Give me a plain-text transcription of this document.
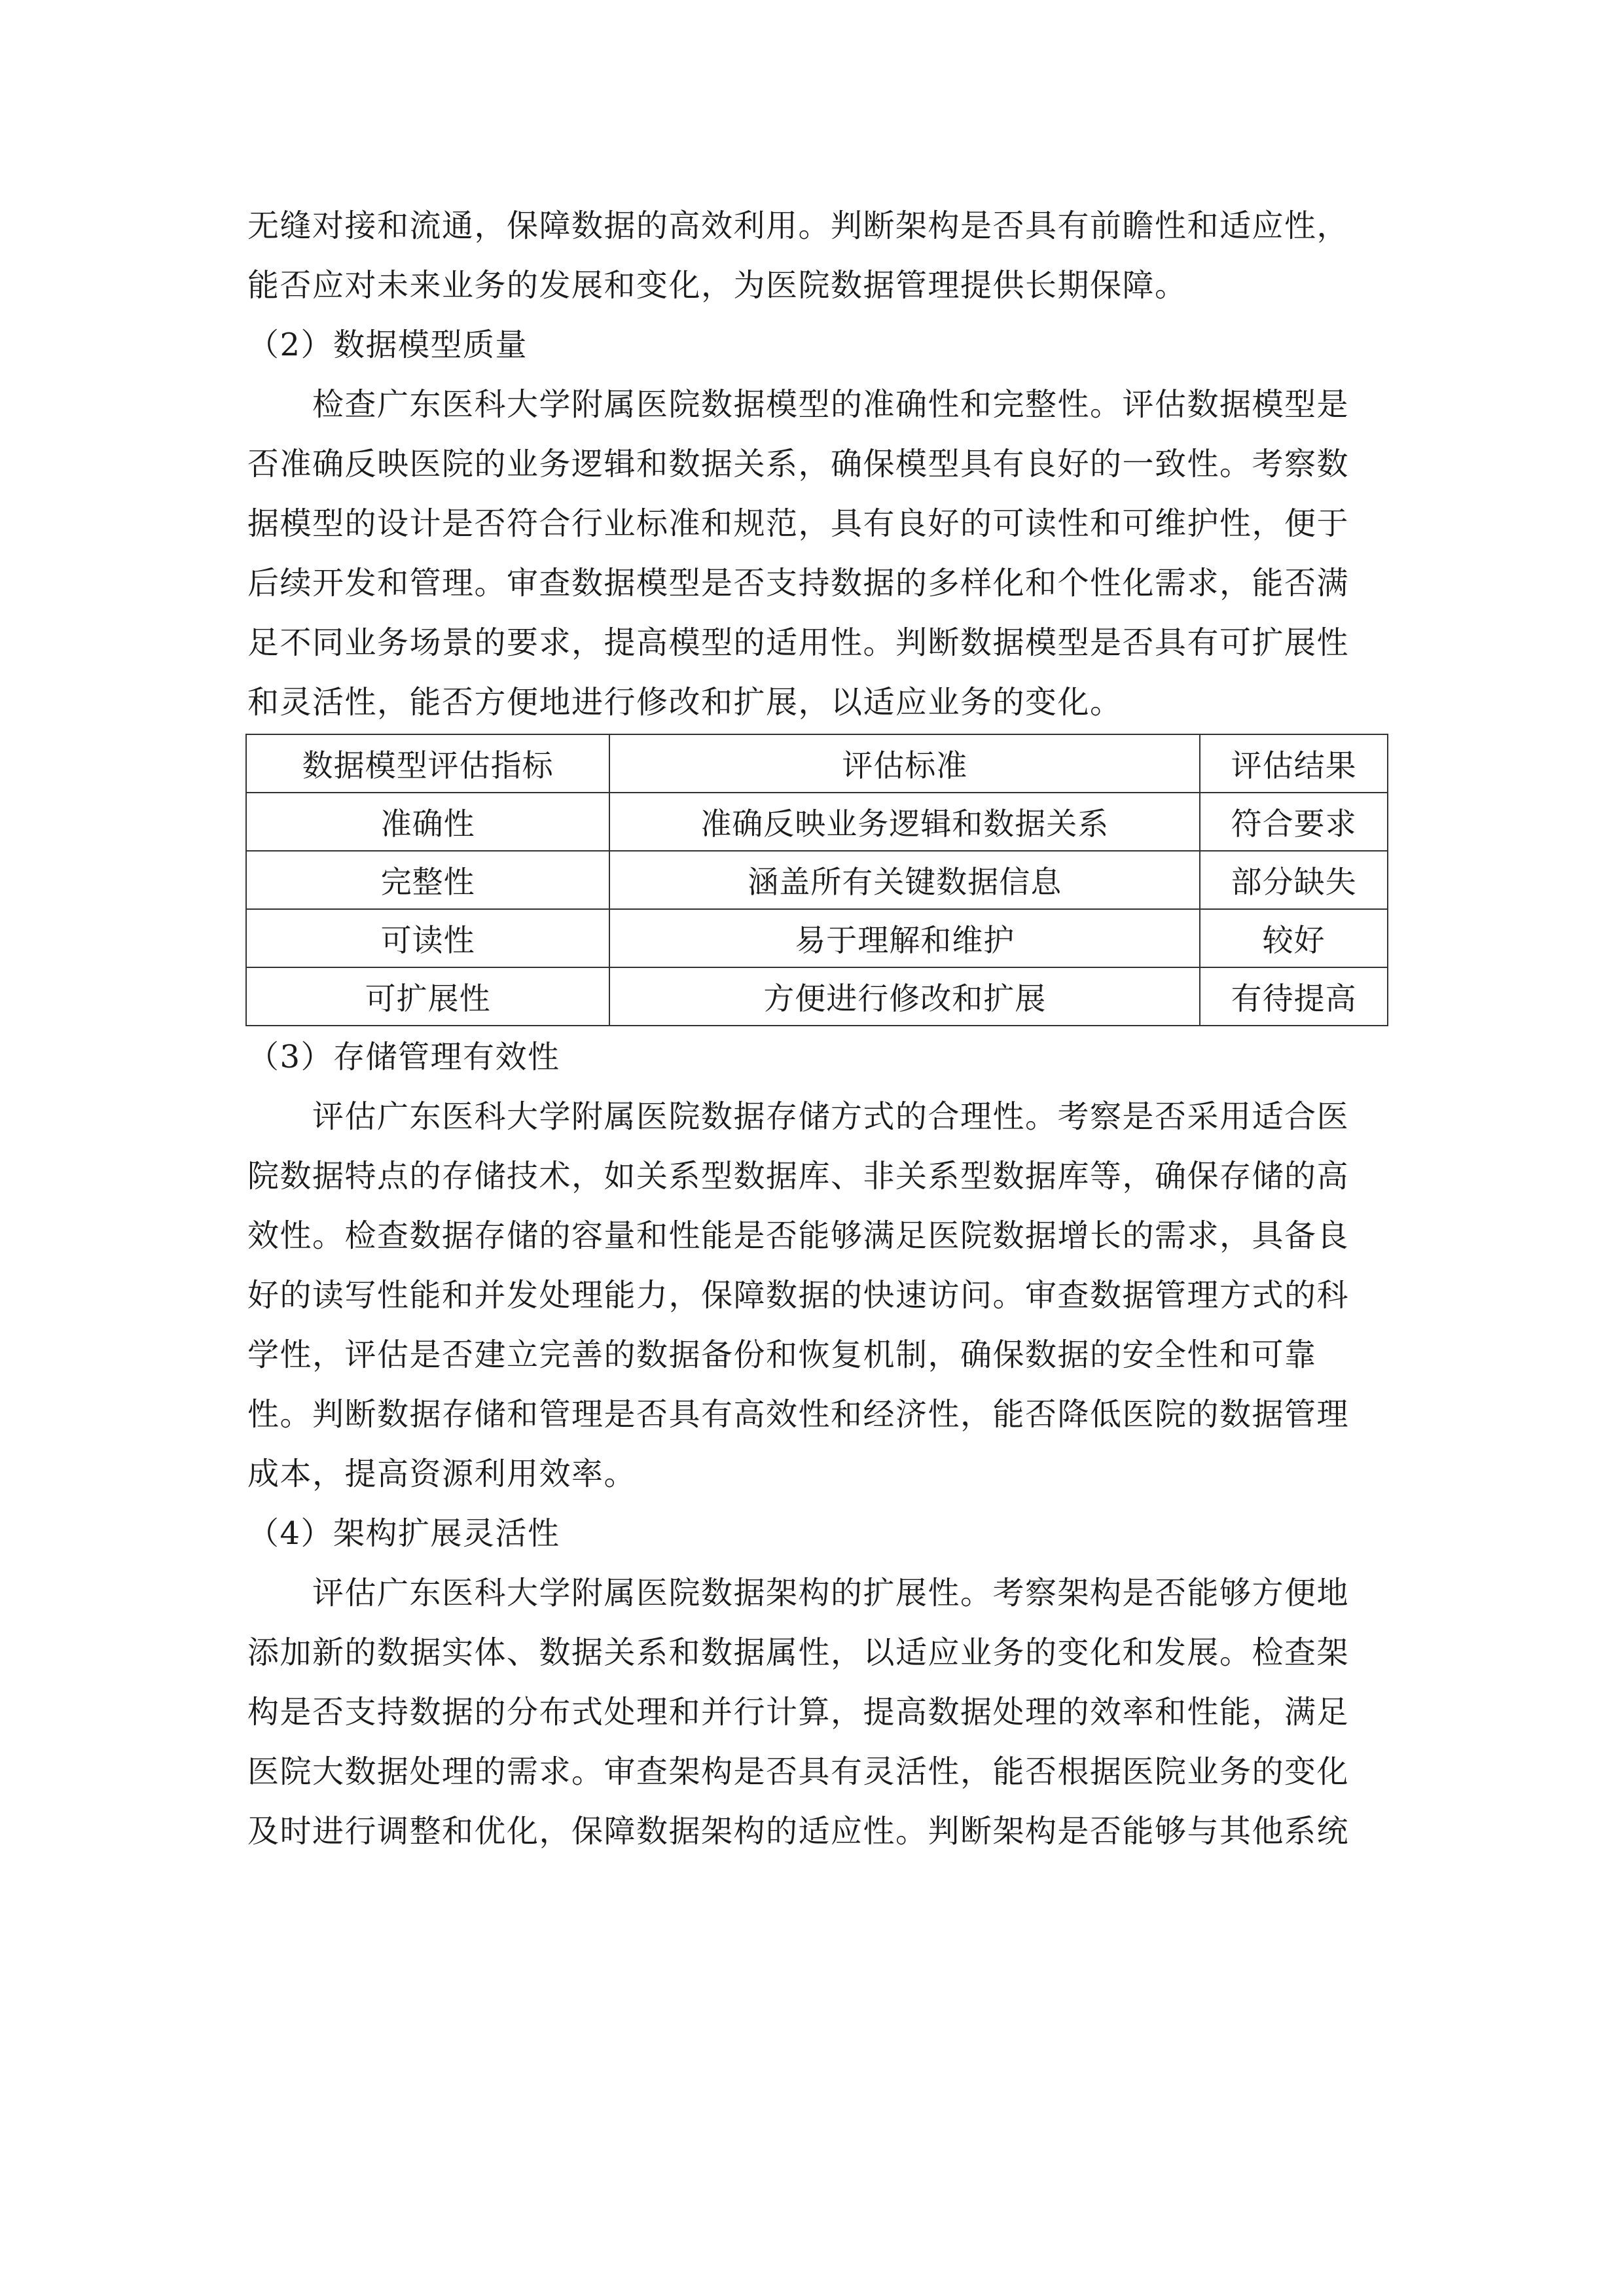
无缝对接和流通，保障数据的高效利用。判断架构是否具有前瞻性和适应性，
能否应对未来业务的发展和变化，为医院数据管理提供长期保障。
（2）数据模型质量
　　检查广东医科大学附属医院数据模型的准确性和完整性。评估数据模型是
否准确反映医院的业务逻辑和数据关系，确保模型具有良好的一致性。考察数
据模型的设计是否符合行业标准和规范，具有良好的可读性和可维护性，便于
后续开发和管理。审查数据模型是否支持数据的多样化和个性化需求，能否满
足不同业务场景的要求，提高模型的适用性。判断数据模型是否具有可扩展性
和灵活性，能否方便地进行修改和扩展，以适应业务的变化。
数据模型评估指标	评估标准	评估结果
准确性	准确反映业务逻辑和数据关系	符合要求
完整性	涵盖所有关键数据信息	部分缺失
可读性	易于理解和维护	较好
可扩展性	方便进行修改和扩展	有待提高
（3）存储管理有效性
　　评估广东医科大学附属医院数据存储方式的合理性。考察是否采用适合医
院数据特点的存储技术，如关系型数据库、非关系型数据库等，确保存储的高
效性。检查数据存储的容量和性能是否能够满足医院数据增长的需求，具备良
好的读写性能和并发处理能力，保障数据的快速访问。审查数据管理方式的科
学性，评估是否建立完善的数据备份和恢复机制，确保数据的安全性和可靠
性。判断数据存储和管理是否具有高效性和经济性，能否降低医院的数据管理
成本，提高资源利用效率。
（4）架构扩展灵活性
　　评估广东医科大学附属医院数据架构的扩展性。考察架构是否能够方便地
添加新的数据实体、数据关系和数据属性，以适应业务的变化和发展。检查架
构是否支持数据的分布式处理和并行计算，提高数据处理的效率和性能，满足
医院大数据处理的需求。审查架构是否具有灵活性，能否根据医院业务的变化
及时进行调整和优化，保障数据架构的适应性。判断架构是否能够与其他系统
